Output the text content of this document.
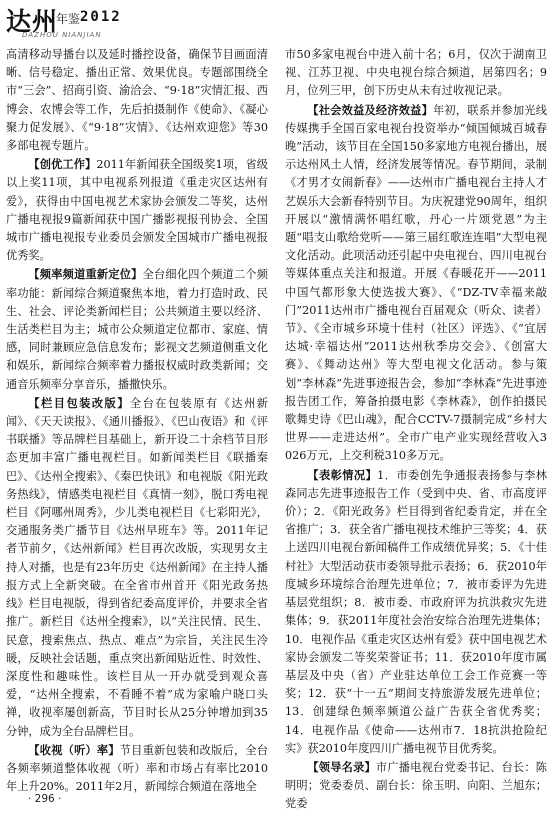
达州
年鉴 2012
DAZHOU NIANJIAN

高清移动导播台以及延时播控设备，确保节目画面清晰、信号稳定、播出正常、效果优良。专题部围绕全市“三会”、招商引资、渝洽会、“9·18”灾情汇报、西博会、农博会等工作，先后拍摄制作《使命》、《凝心聚力促发展》、《“9·18”灾情》、《达州欢迎您》等30多部电视专题片。

【创优工作】2011年新闻获全国级奖1项，省级以上奖11项，其中电视系列报道《重走灾区达州有爱》，获得由中国电视艺术家协会颁发二等奖，达州广播电视报9篇新闻获中国广播影视报刊协会、全国城市广播电视报专业委员会颁发全国城市广播电视报优秀奖。

【频率频道重新定位】全台细化四个频道二个频率功能：新闻综合频道聚焦本地，着力打造时政、民生、社会、评论类新闻栏目；公共频道主要以经济、生活类栏目为主；城市公众频道定位都市、家庭、情感，同时兼顾应急信息发布；影视文艺频道侧重文化和娱乐，新闻综合频率着力播报权威时政类新闻；交通音乐频率分享音乐，播撒快乐。

【栏目包装改版】全台在包装原有《达州新闻》、《天天读报》、《通川播报》、《巴山夜语》和《评书联播》等品牌栏目基础上，新开设二十余档节目形态更加丰富广播电视栏目。如新闻类栏目《联播秦巴》、《达州全搜索》、《秦巴快讯》和电视版《阳光政务热线》，情感类电视栏目《真情一刻》，脱口秀电视栏目《阿哪州周秀》，少儿类电视栏目《七彩阳光》，交通服务类广播节目《达州早班车》等。2011年记者节前夕，《达州新闻》栏目再次改版，实现男女主持人对播，也是有23年历史《达州新闻》在主持人播报方式上全新突破。在全省市州首开《阳光政务热线》栏目电视版，得到省纪委高度评价，并要求全省推广。新栏目《达州全搜索》，以“关注民情、民生、民意，搜索焦点、热点、难点”为宗旨，关注民生冷暖，反映社会话题，重点突出新闻贴近性、时效性、深度性和趣味性。该栏目从一开办就受到观众喜爱，“达州全搜索，不看睡不着”成为家喻户晓口头禅，收视率屡创新高，节目时长从25分钟增加到35分钟，成为全台品牌栏目。

【收视（听）率】节目重新包装和改版后，全台各频率频道整体收视（听）率和市场占有率比2010年上升20%。2011年2月，新闻综合频道在落地全

市50多家电视台中进入前十名；6月，仅次于湖南卫视、江苏卫视、中央电视台综合频道，居第四名；9月，位列三甲，创下历史从未有过收视记录。

【社会效益及经济效益】年初，联系并参加光线传媒携手全国百家电视台投资举办“倾国倾城百城春晚”活动，该节目在全国150多家地方电视台播出，展示达州风土人情，经济发展等情况。春节期间，录制《才男才女闹新春》——达州市广播电视台主持人才艺娱乐大会新春特别节目。为庆祝建党90周年，组织开展以“激情满怀唱红歌，丹心一片颂党恩”为主题“唱支山歌给党听——第三届红歌连连唱”大型电视文化活动。此项活动还引起中央电视台、四川电视台等媒体重点关注和报道。开展《春暖花开——2011中国气都形象大使选拔大赛》、《“DZ-TV幸福来敲门”2011达州市广播电视台百届观众（听众、读者）节》、《全市城乡环境十佳村（社区）评选》、《“宜居达城·幸福达州”2011达州秋季房交会》、《创富大赛》、《舞动达州》等大型电视文化活动。参与策划“李林森”先进事迹报告会，参加“李林森”先进事迹报告团工作，筹备拍摄电影《李林森》，创作拍摄民歌舞史诗《巴山魂》，配合CCTV-7摄制完成“乡村大世界——走进达州”。全市广电产业实现经营收入3 026万元，上交利税310多万元。

【表彰情况】1．市委创先争通报表扬参与李林森同志先进事迹报告工作（受到中央、省、市高度评价）；2．《阳光政务》栏目得到省纪委肯定，并在全省推广；3．获全省广播电视技术维护三等奖；4．获上送四川电视台新闻稿件工作成绩优异奖；5．《十佳村社》大型活动获市委领导批示表扬；6．获2010年度城乡环境综合治理先进单位；7．被市委评为先进基层党组织；8．被市委、市政府评为抗洪救灾先进集体；9．获2011年度社会治安综合治理先进集体；10．电视作品《重走灾区达州有爱》获中国电视艺术家协会颁发二等奖荣誉证书；11．获2010年度市属基层及中央（省）产业驻达单位工会工作竞赛一等奖；12．获“十一五”期间支持旅游发展先进单位；13．创建绿色频率频道公益广告获全省优秀奖；14．电视作品《使命——达州市7．18抗洪抢险纪实》获2010年度四川广播电视节目优秀奖。

【领导名录】市广播电视台党委书记、台长：陈明明；党委委员、副台长：徐玉明、向阳、兰旭东；党委

· 296 ·
